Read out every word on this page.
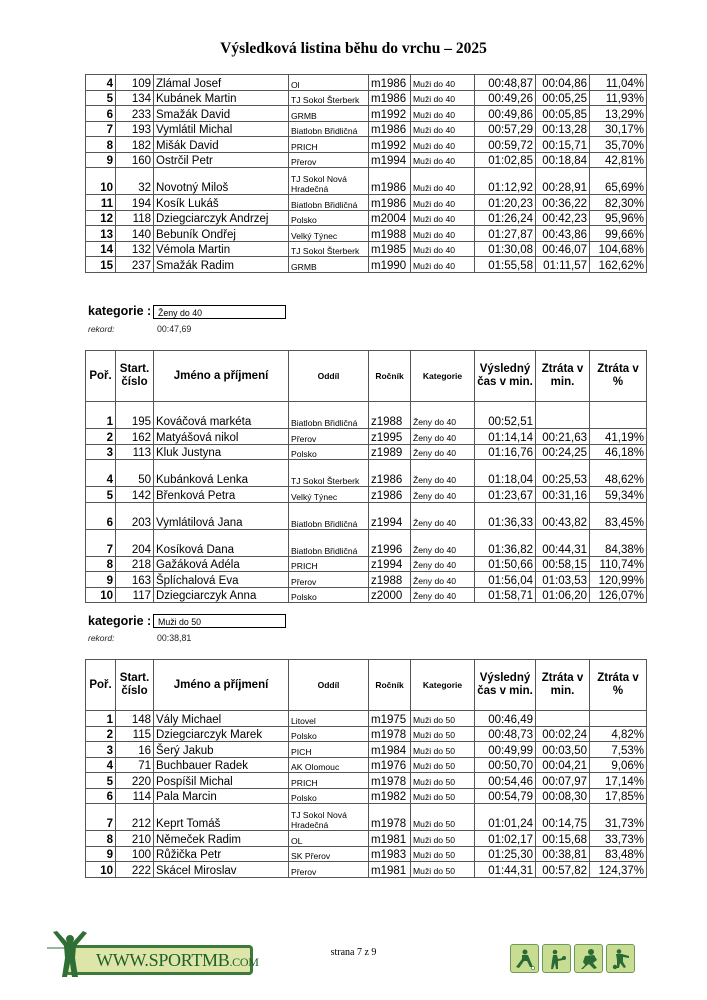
Výsledková listina běhu do vrchu – 2025
4	109	Zlámal Josef	Ol	m1986	Muži do 40	00:48,87	00:04,86	11,04%
5	134	Kubánek Martin	TJ Sokol Šterberk	m1986	Muži do 40	00:49,26	00:05,25	11,93%
6	233	Smažák David	GRMB	m1992	Muži do 40	00:49,86	00:05,85	13,29%
7	193	Vymlátil Michal	Biatlobn Břidličná	m1986	Muži do 40	00:57,29	00:13,28	30,17%
8	182	Mišák David	PRICH	m1992	Muži do 40	00:59,72	00:15,71	35,70%
9	160	Ostrčil Petr	Přerov	m1994	Muži do 40	01:02,85	00:18,84	42,81%
10	32	Novotný Miloš	TJ Sokol Nová Hradečná	m1986	Muži do 40	01:12,92	00:28,91	65,69%
11	194	Kosík Lukáš	Biatlobn Břidličná	m1986	Muži do 40	01:20,23	00:36,22	82,30%
12	118	Dziegciarczyk Andrzej	Polsko	m2004	Muži do 40	01:26,24	00:42,23	95,96%
13	140	Bebuník Ondřej	Velký Týnec	m1988	Muži do 40	01:27,87	00:43,86	99,66%
14	132	Vémola Martin	TJ Sokol Šterberk	m1985	Muži do 40	01:30,08	00:46,07	104,68%
15	237	Smažák Radim	GRMB	m1990	Muži do 40	01:55,58	01:11,57	162,62%
kategorie : Ženy do 40
rekord:	00:47,69
Poř.	Start. číslo	Jméno a příjmení	Oddíl	Ročník	Kategorie	Výsledný čas v min.	Ztráta v min.	Ztráta v %
1	195	Kováčová markéta	Biatlobn Břidličná	z1988	Ženy do 40	00:52,51		
2	162	Matyášová nikol	Přerov	z1995	Ženy do 40	01:14,14	00:21,63	41,19%
3	113	Kluk Justyna	Polsko	z1989	Ženy do 40	01:16,76	00:24,25	46,18%
4	50	Kubánková Lenka	TJ Sokol Šterberk	z1986	Ženy do 40	01:18,04	00:25,53	48,62%
5	142	Břenková Petra	Velký Týnec	z1986	Ženy do 40	01:23,67	00:31,16	59,34%
6	203	Vymlátilová Jana	Biatlobn Břidličná	z1994	Ženy do 40	01:36,33	00:43,82	83,45%
7	204	Kosíková Dana	Biatlobn Břidličná	z1996	Ženy do 40	01:36,82	00:44,31	84,38%
8	218	Gažáková Adéla	PRICH	z1994	Ženy do 40	01:50,66	00:58,15	110,74%
9	163	Šplíchalová Eva	Přerov	z1988	Ženy do 40	01:56,04	01:03,53	120,99%
10	117	Dziegciarczyk Anna	Polsko	z2000	Ženy do 40	01:58,71	01:06,20	126,07%
kategorie : Muži do 50
rekord:	00:38,81
Poř.	Start. číslo	Jméno a příjmení	Oddíl	Ročník	Kategorie	Výsledný čas v min.	Ztráta v min.	Ztráta v %
1	148	Vály Michael	Litovel	m1975	Muži do 50	00:46,49		
2	115	Dziegciarczyk Marek	Polsko	m1978	Muži do 50	00:48,73	00:02,24	4,82%
3	16	Šerý Jakub	PICH	m1984	Muži do 50	00:49,99	00:03,50	7,53%
4	71	Buchbauer Radek	AK Olomouc	m1976	Muži do 50	00:50,70	00:04,21	9,06%
5	220	Pospíšil Michal	PRICH	m1978	Muži do 50	00:54,46	00:07,97	17,14%
6	114	Pala Marcin	Polsko	m1982	Muži do 50	00:54,79	00:08,30	17,85%
7	212	Keprt Tomáš	TJ Sokol Nová Hradečná	m1978	Muži do 50	01:01,24	00:14,75	31,73%
8	210	Němeček Radim	OL	m1981	Muži do 50	01:02,17	00:15,68	33,73%
9	100	Růžička Petr	SK Přerov	m1983	Muži do 50	01:25,30	00:38,81	83,48%
10	222	Skácel Miroslav	Přerov	m1981	Muži do 50	01:44,31	00:57,82	124,37%
WWW.SPORTMB.COM
strana 7 z 9
